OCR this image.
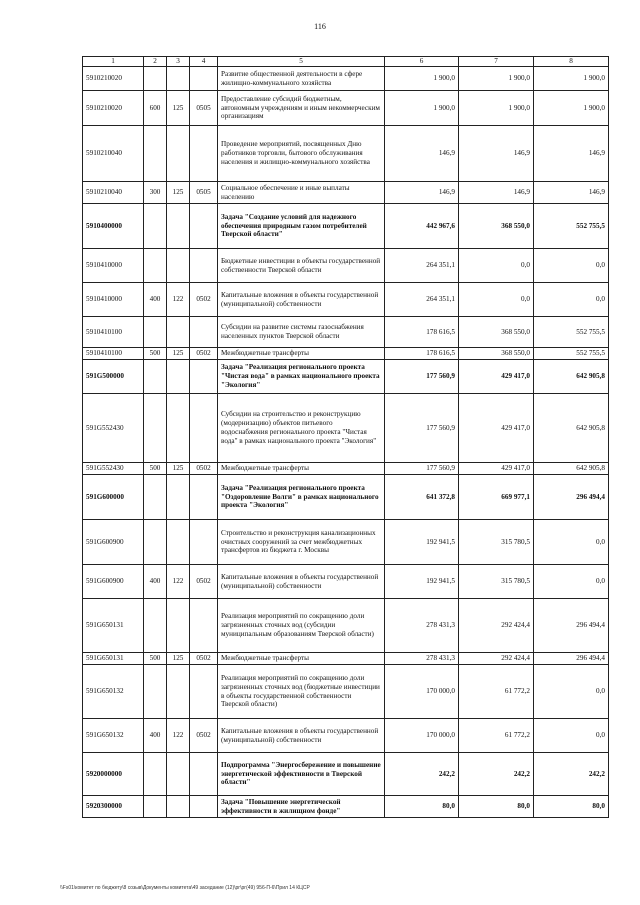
116
1	2	3	4	5	6	7	8
5910210020				Развитие общественной деятельности в сфере жилищно-коммунального хозяйства	1 900,0	1 900,0	1 900,0
5910210020	600	125	0505	Предоставление субсидий бюджетным, автономным учреждениям и иным некоммерческим организациям	1 900,0	1 900,0	1 900,0
5910210040				Проведение мероприятий, посвященных Дню работников торговли, бытового обслуживания населения и жилищно-коммунального хозяйства	146,9	146,9	146,9
5910210040	300	125	0505	Социальное обеспечение и иные выплаты населению	146,9	146,9	146,9
5910400000				Задача "Создание условий для надежного обеспечения природным газом потребителей Тверской области"	442 967,6	368 550,0	552 755,5
5910410000				Бюджетные инвестиции в объекты государственной собственности Тверской области	264 351,1	0,0	0,0
5910410000	400	122	0502	Капитальные вложения в объекты государственной (муниципальной) собственности	264 351,1	0,0	0,0
5910410100				Субсидии на развитие системы газоснабжения населенных пунктов Тверской области	178 616,5	368 550,0	552 755,5
5910410100	500	125	0502	Межбюджетные трансферты	178 616,5	368 550,0	552 755,5
591G500000				Задача "Реализация регионального проекта "Чистая вода" в рамках национального проекта "Экология"	177 560,9	429 417,0	642 905,8
591G552430				Субсидии на строительство и реконструкцию (модернизацию) объектов питьевого водоснабжения регионального проекта "Чистая вода" в рамках национального проекта "Экология"	177 560,9	429 417,0	642 905,8
591G552430	500	125	0502	Межбюджетные трансферты	177 560,9	429 417,0	642 905,8
591G600000				Задача "Реализация регионального проекта "Оздоровление Волги" в рамках национального проекта "Экология"	641 372,8	669 977,1	296 494,4
591G600900				Строительство и реконструкция канализационных очистных сооружений за счет межбюджетных трансфертов из бюджета г. Москвы	192 941,5	315 780,5	0,0
591G600900	400	122	0502	Капитальные вложения в объекты государственной (муниципальной) собственности	192 941,5	315 780,5	0,0
591G650131				Реализация мероприятий по сокращению доли загрязненных сточных вод (субсидии муниципальным образованиям Тверской области)	278 431,3	292 424,4	296 494,4
591G650131	500	125	0502	Межбюджетные трансферты	278 431,3	292 424,4	296 494,4
591G650132				Реализация мероприятий по сокращению доли загрязненных сточных вод (бюджетные инвестиции в объекты государственной собственности Тверской области)	170 000,0	61 772,2	0,0
591G650132	400	122	0502	Капитальные вложения в объекты государственной (муниципальной) собственности	170 000,0	61 772,2	0,0
5920000000				Подпрограмма "Энергосбережение и повышение энергетической эффективности в Тверской области"	242,2	242,2	242,2
5920300000				Задача "Повышение энергетической эффективности в жилищном фонде"	80,0	80,0	80,0
\\Fs01\комитет по бюджету\8 созыв\Документы комитета\49 заседание (12)\рг\рг(49) 956-П-6\Прил 14 КЦСР
